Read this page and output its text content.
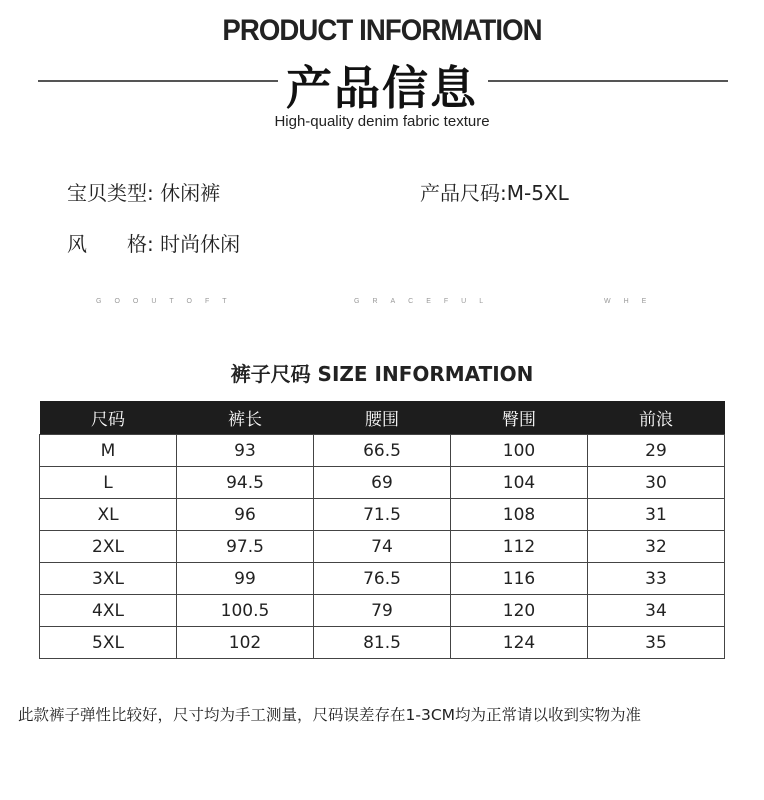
PRODUCT INFORMATION
产品信息
High-quality denim fabric texture
宝贝类型: 休闲裤	产品尺码:M-5XL
风　　格: 时尚休闲
GOOUTOFT	GRACEFUL	WHE
裤子尺码 SIZE INFORMATION
尺码	裤长	腰围	臀围	前浪
M	93	66.5	100	29
L	94.5	69	104	30
XL	96	71.5	108	31
2XL	97.5	74	112	32
3XL	99	76.5	116	33
4XL	100.5	79	120	34
5XL	102	81.5	124	35
此款裤子弹性比较好，尺寸均为手工测量，尺码误差存在1-3CM均为正常请以收到实物为准
